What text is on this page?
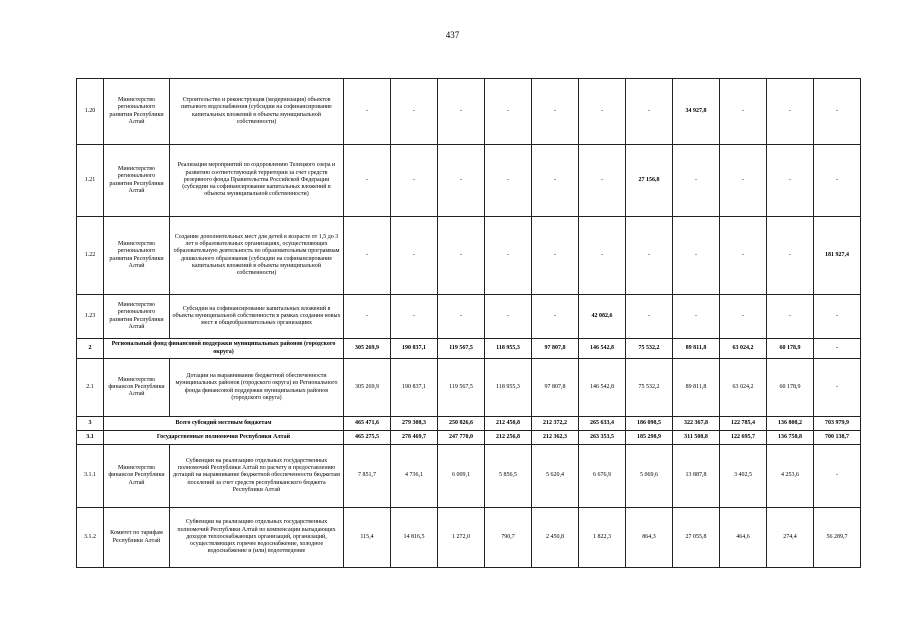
437
1.20	Министерство регионального развития Республики Алтай	Строительство и реконструкция (модернизация) объектов питьевого водоснабжения (субсидии на софинансирование капитальных вложений в объекты муниципальной собственности)	-	-	-	-	-	-	-	34 927,8	-	-	-
1.21	Министерство регионального развития Республики Алтай	Реализация мероприятий по оздоровлению Телецкого озера и развитию соответствующей территории за счет средств резервного фонда Правительства Российской Федерации (субсидии на софинансирование капитальных вложений в объекты муниципальной собственности)	-	-	-	-	-	-	27 156,8	-	-	-	-
1.22	Министерство регионального развития Республики Алтай	Создание дополнительных мест для детей в возрасте от 1,5 до 3 лет в образовательных организациях, осуществляющих образовательную деятельность по образовательным программам дошкольного образования (субсидии на софинансирование капитальных вложений в объекты муниципальной собственности)	-	-	-	-	-	-	-	-	-	-	181 927,4
1.23	Министерство регионального развития Республики Алтай	Субсидии на софинансирование капитальных вложений в объекты муниципальной собственности в рамках создания новых мест в общеобразовательных организациях	-	-	-	-	-	42 082,6	-	-	-	-	-
2	Региональный фонд финансовой поддержки муниципальных районов (городского округа)		305 269,9	190 837,1	119 567,5	118 955,3	97 807,8	146 542,8	75 532,2	89 811,8	63 024,2	60 178,9	-
2.1	Министерство финансов Республики Алтай	Дотации на выравнивание бюджетной обеспеченности муниципальных районов (городского округа) из Регионального фонда финансовой поддержки муниципальных районов (городского округа)	305 269,9	190 837,1	119 567,5	118 955,3	97 807,8	146 542,8	75 532,2	89 811,8	63 024,2	60 178,9	-
3	Всего субсидий местным бюджетам		465 471,6	279 308,3	250 826,6	212 450,8	212 372,2	265 633,4	186 098,5	322 367,8	122 785,4	136 808,2	703 979,9
3.1	Государственные полномочия Республики Алтай		465 275,5	278 469,7	247 770,0	212 256,8	212 362,3	263 353,5	185 298,9	311 508,8	122 695,7	136 758,8	700 138,7
3.1.1	Министерство финансов Республики Алтай	Субвенции на реализацию отдельных государственных полномочий Республики Алтай по расчету и предоставлению дотаций на выравнивание бюджетной обеспеченности бюджетам поселений за счет средств республиканского бюджета Республики Алтай	7 851,7	4 736,1	6 009,1	5 856,5	5 620,4	6 676,9	5 069,6	13 887,8	3 402,5	4 253,6	-
3.1.2	Комитет по тарифам Республики Алтай	Субвенции на реализацию отдельных государственных полномочий Республики Алтай по компенсации выпадающих доходов теплоснабжающих организаций, организаций, осуществляющих горячее водоснабжение, холодное водоснабжение и (или) водоотведение	115,4	14 816,5	1 272,0	790,7	2 450,8	1 822,3	864,3	27 055,8	464,6	274,4	56 289,7
